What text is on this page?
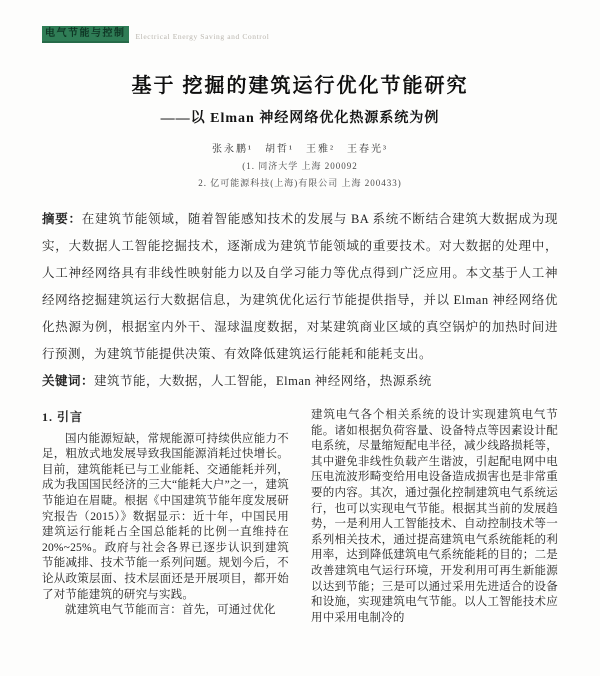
电气节能与控制	Electrical Energy Saving and Control
基于 挖掘的建筑运行优化节能研究
——以 Elman 神经网络优化热源系统为例
张永鹏¹　胡哲¹　王雅²　王春光³
(1. 同济大学 上海 200092
2. 亿可能源科技(上海)有限公司 上海 200433)

摘要：在建筑节能领域，随着智能感知技术的发展与 BA 系统不断结合建筑大数据成为现实，大数据人工智能挖掘技术，逐渐成为建筑节能领域的重要技术。对大数据的处理中，人工神经网络具有非线性映射能力以及自学习能力等优点得到广泛应用。本文基于人工神经网络挖掘建筑运行大数据信息，为建筑优化运行节能提供指导，并以 Elman 神经网络优化热源为例，根据室内外干、湿球温度数据，对某建筑商业区域的真空锅炉的加热时间进行预测，为建筑节能提供决策、有效降低建筑运行能耗和能耗支出。

关键词：建筑节能，大数据，人工智能，Elman 神经网络，热源系统

1. 引言

国内能源短缺，常规能源可持续供应能力不足，粗放式地发展导致我国能源消耗过快增长。目前，建筑能耗已与工业能耗、交通能耗并列，成为我国国民经济的三大“能耗大户”之一，建筑节能迫在眉睫。根据《中国建筑节能年度发展研究报告（2015）》数据显示：近十年，中国民用建筑运行能耗占全国总能耗的比例一直维持在 20%~25%。政府与社会各界已逐步认识到建筑节能减排、技术节能一系列问题。规划今后，不论从政策层面、技术层面还是开展项目，都开始了对节能建筑的研究与实践。

就建筑电气节能而言：首先，可通过优化

建筑电气各个相关系统的设计实现建筑电气节能。诸如根据负荷容量、设备特点等因素设计配电系统，尽量缩短配电半径，减少线路损耗等，其中避免非线性负载产生谐波，引起配电网中电压电流波形畸变给用电设备造成损害也是非常重要的内容。其次，通过强化控制建筑电气系统运行，也可以实现电气节能。根据其当前的发展趋势，一是利用人工智能技术、自动控制技术等一系列相关技术，通过提高建筑电气系统能耗的利用率，达到降低建筑电气系统能耗的目的；二是改善建筑电气运行环境，开发利用可再生新能源以达到节能；三是可以通过采用先进适合的设备和设施，实现建筑电气节能。以人工智能技术应用中采用电制冷的
